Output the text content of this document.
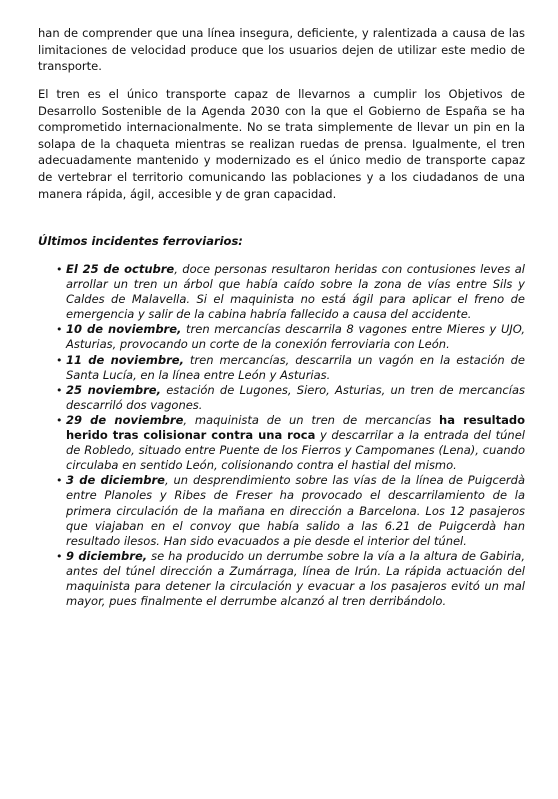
han de comprender que una línea insegura, deficiente, y ralentizada a causa de las limitaciones de velocidad produce que los usuarios dejen de utilizar este medio de transporte.

El tren es el único transporte capaz de llevarnos a cumplir los Objetivos de Desarrollo Sostenible de la Agenda 2030 con la que el Gobierno de España se ha comprometido internacionalmente. No se trata simplemente de llevar un pin en la solapa de la chaqueta mientras se realizan ruedas de prensa. Igualmente, el tren adecuadamente mantenido y modernizado es el único medio de transporte capaz de vertebrar el territorio comunicando las poblaciones y a los ciudadanos de una manera rápida, ágil, accesible y de gran capacidad.

Últimos incidentes ferroviarios:

• El 25 de octubre, doce personas resultaron heridas con contusiones leves al arrollar un tren un árbol que había caído sobre la zona de vías entre Sils y Caldes de Malavella. Si el maquinista no está ágil para aplicar el freno de emergencia y salir de la cabina habría fallecido a causa del accidente.
• 10 de noviembre, tren mercancías descarrila 8 vagones entre Mieres y UJO, Asturias, provocando un corte de la conexión ferroviaria con León.
• 11 de noviembre, tren mercancías, descarrila un vagón en la estación de Santa Lucía, en la línea entre León y Asturias.
• 25 noviembre, estación de Lugones, Siero, Asturias, un tren de mercancías descarriló dos vagones.
• 29 de noviembre, maquinista de un tren de mercancías ha resultado herido tras colisionar contra una roca y descarrilar a la entrada del túnel de Robledo, situado entre Puente de los Fierros y Campomanes (Lena), cuando circulaba en sentido León, colisionando contra el hastial del mismo.
• 3 de diciembre, un desprendimiento sobre las vías de la línea de Puigcerdà entre Planoles y Ribes de Freser ha provocado el descarrilamiento de la primera circulación de la mañana en dirección a Barcelona. Los 12 pasajeros que viajaban en el convoy que había salido a las 6.21 de Puigcerdà han resultado ilesos. Han sido evacuados a pie desde el interior del túnel.
• 9 diciembre, se ha producido un derrumbe sobre la vía a la altura de Gabiria, antes del túnel dirección a Zumárraga, línea de Irún. La rápida actuación del maquinista para detener la circulación y evacuar a los pasajeros evitó un mal mayor, pues finalmente el derrumbe alcanzó al tren derribándolo.
